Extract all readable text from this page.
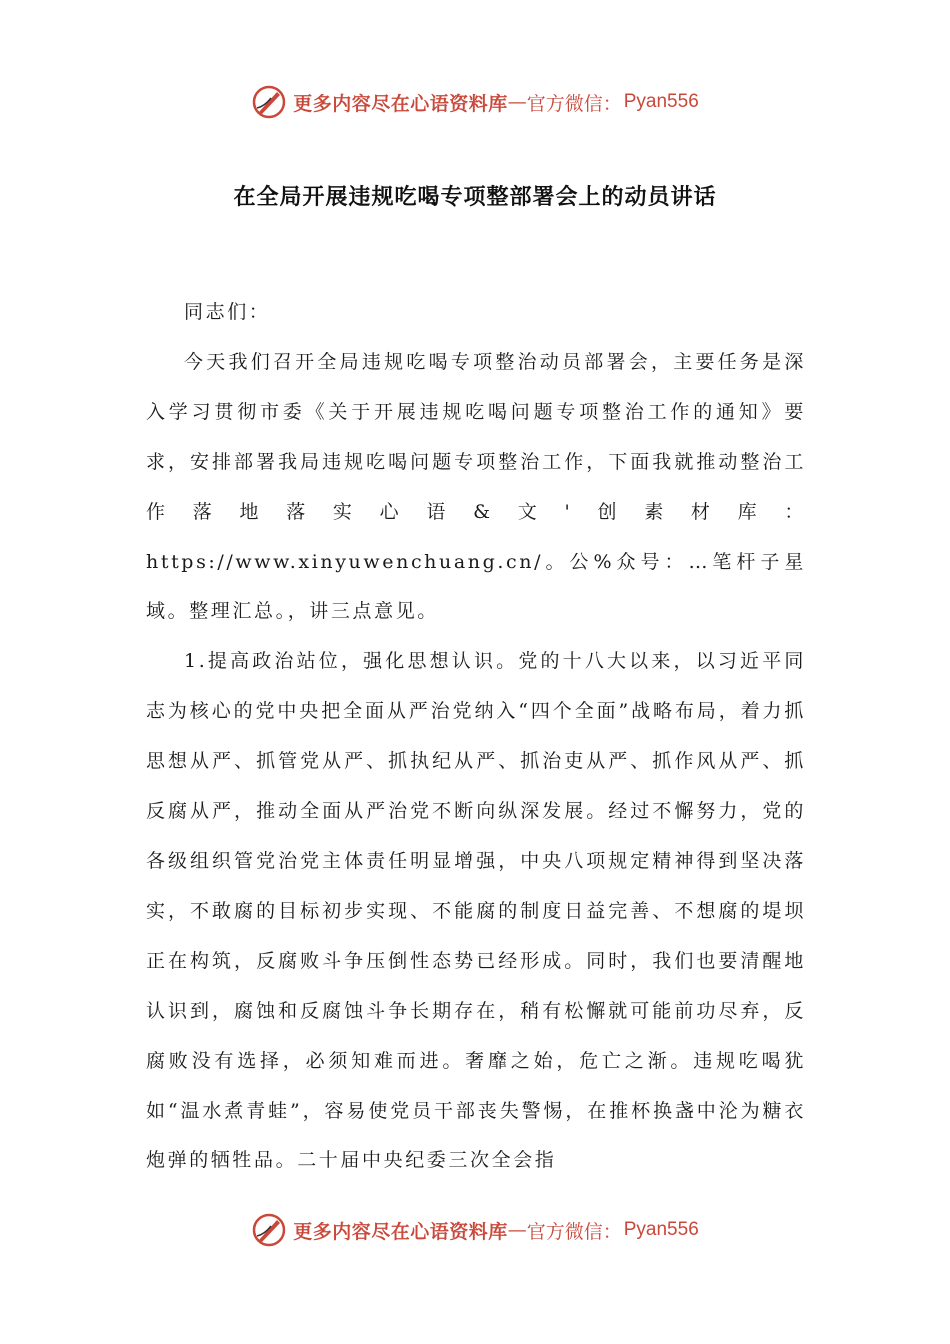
更多内容尽在心语资料库 — 官方微信： Pyan556
在全局开展违规吃喝专项整部署会上的动员讲话

同志们：

今天我们召开全局违规吃喝专项整治动员部署会，主要任务是深入学习贯彻市委《关于开展违规吃喝问题专项整治工作的通知》要求，安排部署我局违规吃喝问题专项整治工作，下面我就推动整治工作落地落实心语&文'创素材库：https://www.xinyuwenchuang.cn/。公%众号：…笔杆子星域。整理汇总。，讲三点意见。

1.提高政治站位，强化思想认识。党的十八大以来，以习近平同志为核心的党中央把全面从严治党纳入“四个全面”战略布局，着力抓思想从严、抓管党从严、抓执纪从严、抓治吏从严、抓作风从严、抓反腐从严，推动全面从严治党不断向纵深发展。经过不懈努力，党的各级组织管党治党主体责任明显增强，中央八项规定精神得到坚决落实，不敢腐的目标初步实现、不能腐的制度日益完善、不想腐的堤坝正在构筑，反腐败斗争压倒性态势已经形成。同时，我们也要清醒地认识到，腐蚀和反腐蚀斗争长期存在，稍有松懈就可能前功尽弃，反腐败没有选择，必须知难而进。奢靡之始，危亡之渐。违规吃喝犹如“温水煮青蛙”，容易使党员干部丧失警惕，在推杯换盏中沦为糖衣炮弹的牺牲品。二十届中央纪委三次全会指

更多内容尽在心语资料库 — 官方微信： Pyan556
